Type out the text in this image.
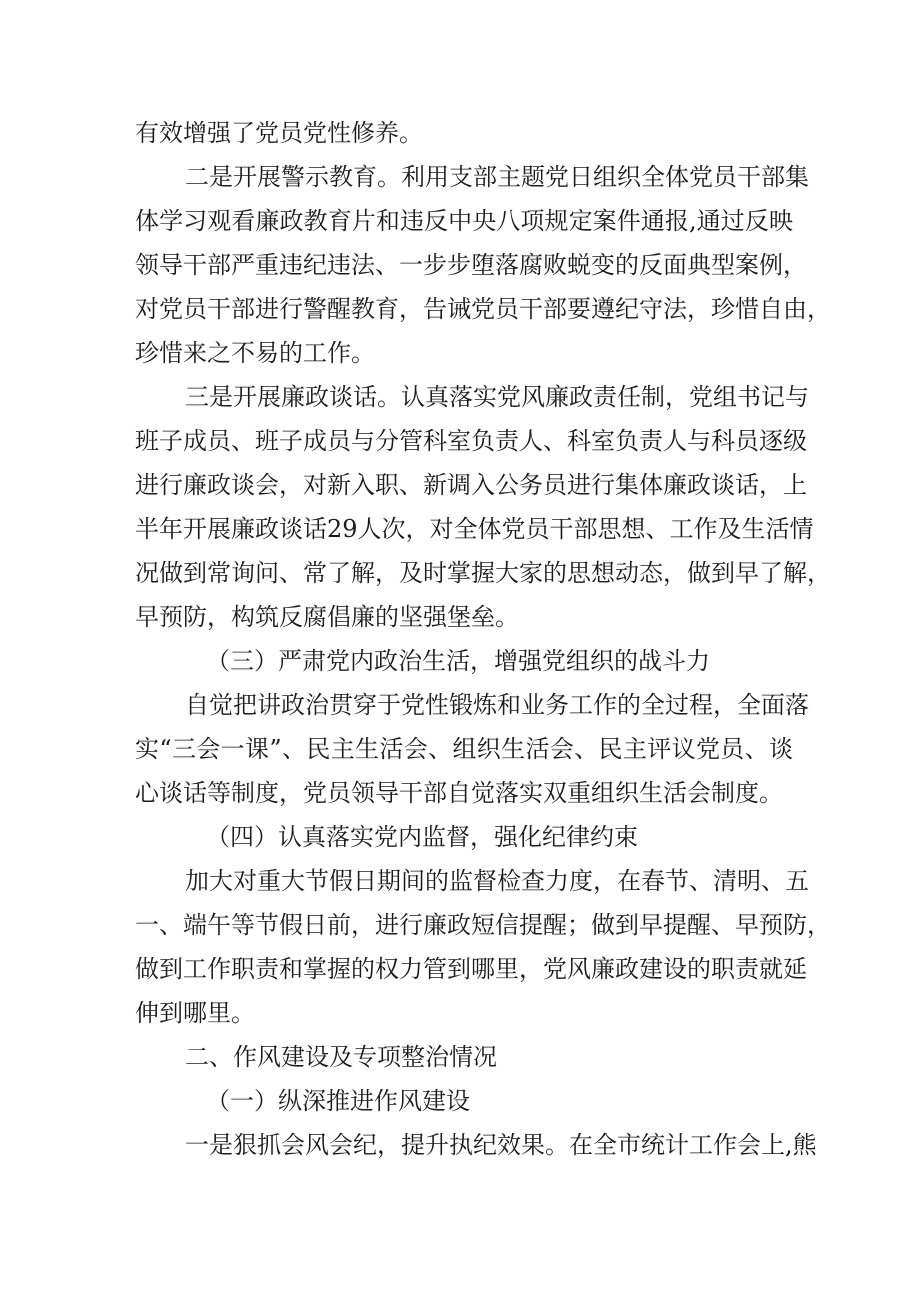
有效增强了党员党性修养。
二是开展警示教育。利用支部主题党日组织全体党员干部集
体学习观看廉政教育片和违反中央八项规定案件通报,通过反映
领导干部严重违纪违法、一步步堕落腐败蜕变的反面典型案例，
对党员干部进行警醒教育，告诫党员干部要遵纪守法，珍惜自由，
珍惜来之不易的工作。
三是开展廉政谈话。认真落实党风廉政责任制，党组书记与
班子成员、班子成员与分管科室负责人、科室负责人与科员逐级
进行廉政谈会，对新入职、新调入公务员进行集体廉政谈话，上
半年开展廉政谈话29人次，对全体党员干部思想、工作及生活情
况做到常询问、常了解，及时掌握大家的思想动态，做到早了解，
早预防，构筑反腐倡廉的坚强堡垒。
（三）严肃党内政治生活，增强党组织的战斗力
自觉把讲政治贯穿于党性锻炼和业务工作的全过程，全面落
实“三会一课”、民主生活会、组织生活会、民主评议党员、谈
心谈话等制度，党员领导干部自觉落实双重组织生活会制度。
（四）认真落实党内监督，强化纪律约束
加大对重大节假日期间的监督检查力度，在春节、清明、五
一、端午等节假日前，进行廉政短信提醒；做到早提醒、早预防，
做到工作职责和掌握的权力管到哪里，党风廉政建设的职责就延
伸到哪里。
二、作风建设及专项整治情况
（一）纵深推进作风建设
一是狠抓会风会纪，提升执纪效果。在全市统计工作会上,熊
